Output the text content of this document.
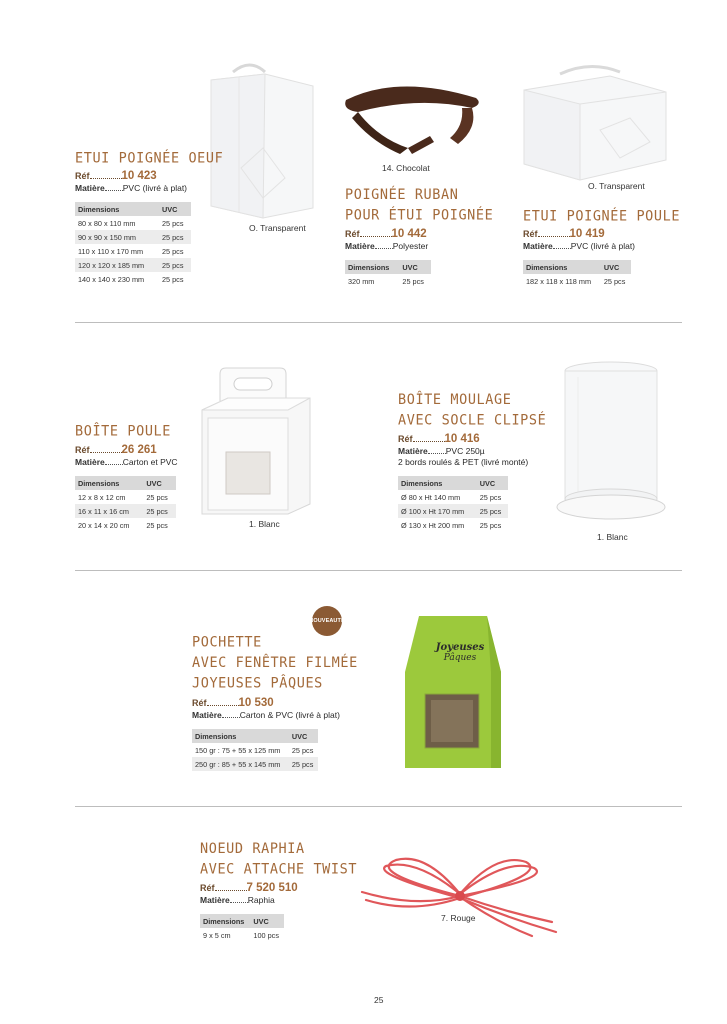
O. Transparent
ETUI POIGNÉE OEUF
Réf	10 423
Matière PVC (livré à plat)
Dimensions	UVC
80 x 80 x 110 mm	25 pcs
90 x 90 x 150 mm	25 pcs
110 x 110 x 170 mm	25 pcs
120 x 120 x 185 mm	25 pcs
140 x 140 x 230 mm	25 pcs
14. Chocolat
POIGNÉE RUBAN
POUR ÉTUI POIGNÉE
Réf	10 442
Matière Polyester
Dimensions	UVC
320 mm	25 pcs
O. Transparent
ETUI POIGNÉE POULE
Réf	10 419
Matière PVC (livré à plat)
Dimensions	UVC
182 x 118 x 118 mm	25 pcs
1. Blanc
BOÎTE POULE
Réf	26 261
Matière Carton et PVC
Dimensions	UVC
12 x 8 x 12 cm	25 pcs
16 x 11 x 16 cm	25 pcs
20 x 14 x 20 cm	25 pcs
BOÎTE MOULAGE
AVEC SOCLE CLIPSÉ
Réf	10 416
Matière PVC 250µ
2 bords roulés & PET (livré monté)
Dimensions	UVC
Ø 80 x Ht 140 mm	25 pcs
Ø 100 x Ht 170 mm	25 pcs
Ø 130 x Ht 200 mm	25 pcs
1. Blanc
NOUVEAUTÉ
POCHETTE
AVEC FENÊTRE FILMÉE
JOYEUSES PÂQUES
Réf	10 530
Matière Carton & PVC (livré à plat)
Dimensions	UVC
150 gr : 75 + 55 x 125 mm	25 pcs
250 gr : 85 + 55 x 145 mm	25 pcs
Joyeuses
Pâques
NOEUD RAPHIA
AVEC ATTACHE TWIST
Réf	7 520 510
Matière Raphia
Dimensions	UVC
9 x 5 cm	100 pcs
7. Rouge
25
